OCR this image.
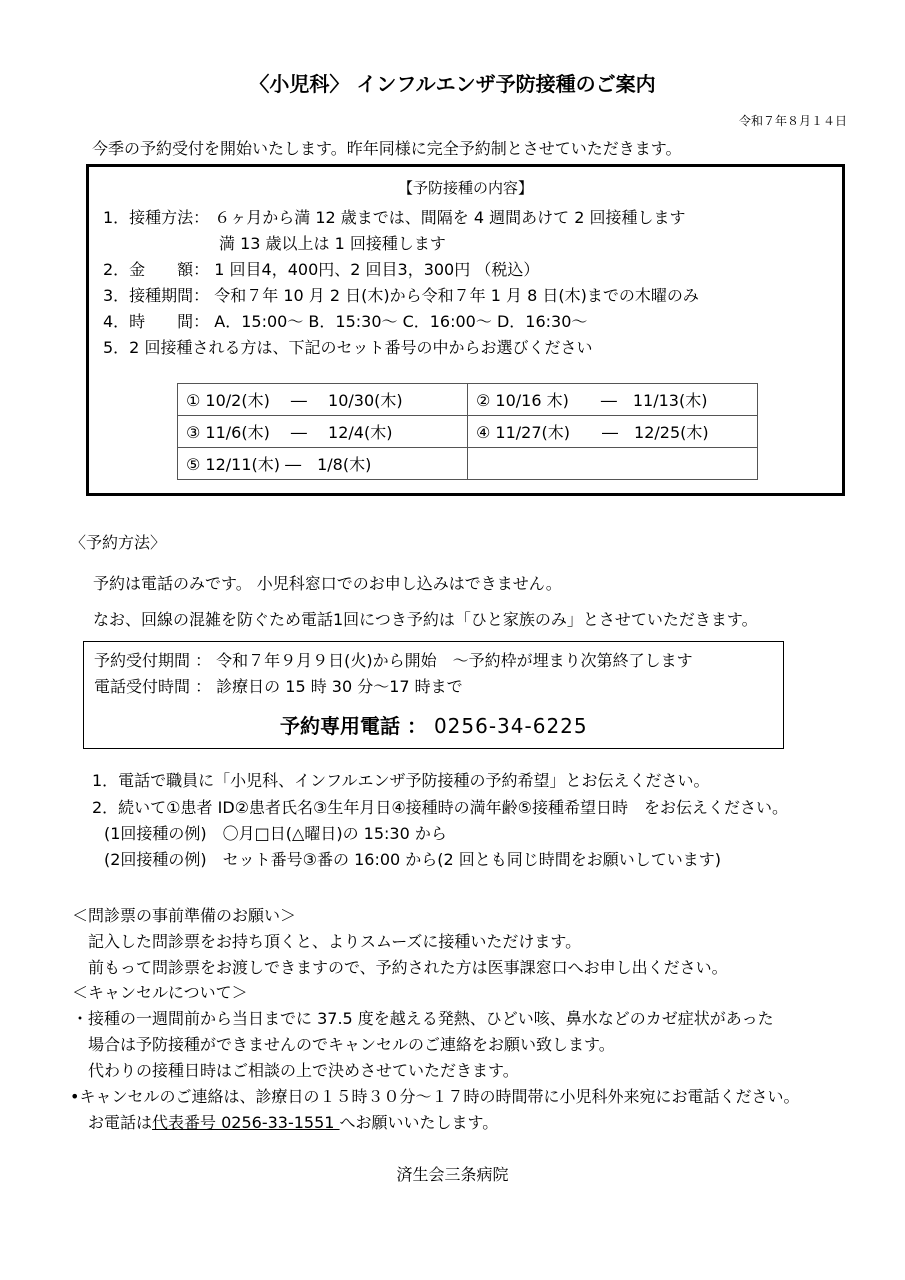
〈小児科〉 インフルエンザ予防接種のご案内
令和７年８月１４日
今季の予約受付を開始いたします。昨年同様に完全予約制とさせていただきます。
【予防接種の内容】
1．接種方法： ６ヶ月から満 12 歳までは、間隔を 4 週間あけて 2 回接種します
満 13 歳以上は 1 回接種します
2．金　　額： 1 回目4，400円、2 回目3，300円 （税込）
3．接種期間： 令和７年 10 月 2 日(木)から令和７年 1 月 8 日(木)までの木曜のみ
4．時　　間： A．15:00～ B．15:30～ C．16:00～ D．16:30～
5．2 回接種される方は、下記のセット番号の中からお選びください
① 10/2(木)　 ―　 10/30(木)	② 10/16 木)　　―　11/13(木)
③ 11/6(木)　 ―　 12/4(木)	④ 11/27(木)　　―　12/25(木)
⑤ 12/11(木) ―　1/8(木)	
〈予約方法〉
予約は電話のみです。 小児科窓口でのお申し込みはできません。
なお、回線の混雑を防ぐため電話1回につき予約は「ひと家族のみ」とさせていただきます。
予約受付期間 ： 令和７年９月９日(火)から開始　～予約枠が埋まり次第終了します
電話受付時間 ： 診療日の 15 時 30 分～17 時まで
予約専用電話 ： 0256-34-6225
1．電話で職員に「小児科、インフルエンザ予防接種の予約希望」とお伝えください。
2．続いて①患者 ID②患者氏名③生年月日④接種時の満年齢⑤接種希望日時　をお伝えください。
(1回接種の例)　〇月□日(△曜日)の 15:30 から
(2回接種の例)　セット番号③番の 16:00 から(2 回とも同じ時間をお願いしています)
＜問診票の事前準備のお願い＞
記入した問診票をお持ち頂くと、よりスムーズに接種いただけます。
前もって問診票をお渡しできますので、予約された方は医事課窓口へお申し出ください。
＜キャンセルについて＞
・接種の一週間前から当日までに 37.5 度を越える発熱、ひどい咳、鼻水などのカゼ症状があった
場合は予防接種ができませんのでキャンセルのご連絡をお願い致します。
代わりの接種日時はご相談の上で決めさせていただきます。
•キャンセルのご連絡は、診療日の１５時３０分～１７時の時間帯に小児科外来宛にお電話ください。
お電話は代表番号 0256-33-1551 へお願いいたします。
済生会三条病院
